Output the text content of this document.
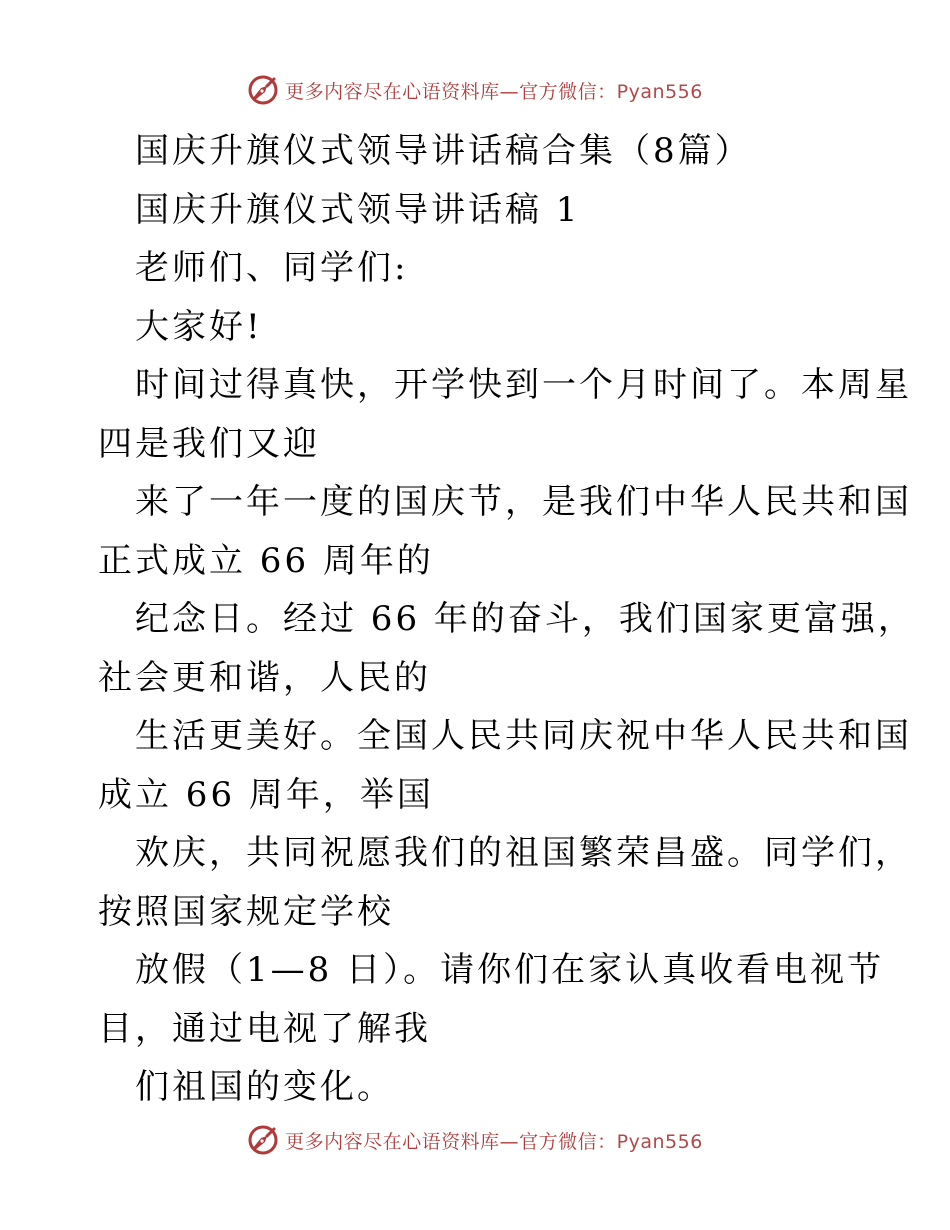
更多内容尽在心语资料库—官方微信：Pyan556
国庆升旗仪式领导讲话稿合集（8篇）
国庆升旗仪式领导讲话稿 1
老师们、同学们:
大家好!
时间过得真快，开学快到一个月时间了。本周星
四是我们又迎
来了一年一度的国庆节，是我们中华人民共和国
正式成立 66 周年的
纪念日。经过 66 年的奋斗，我们国家更富强，
社会更和谐，人民的
生活更美好。全国人民共同庆祝中华人民共和国
成立 66 周年，举国
欢庆，共同祝愿我们的祖国繁荣昌盛。同学们，
按照国家规定学校
放假（1—8 日）。请你们在家认真收看电视节
目，通过电视了解我
们祖国的变化。
更多内容尽在心语资料库—官方微信：Pyan556
